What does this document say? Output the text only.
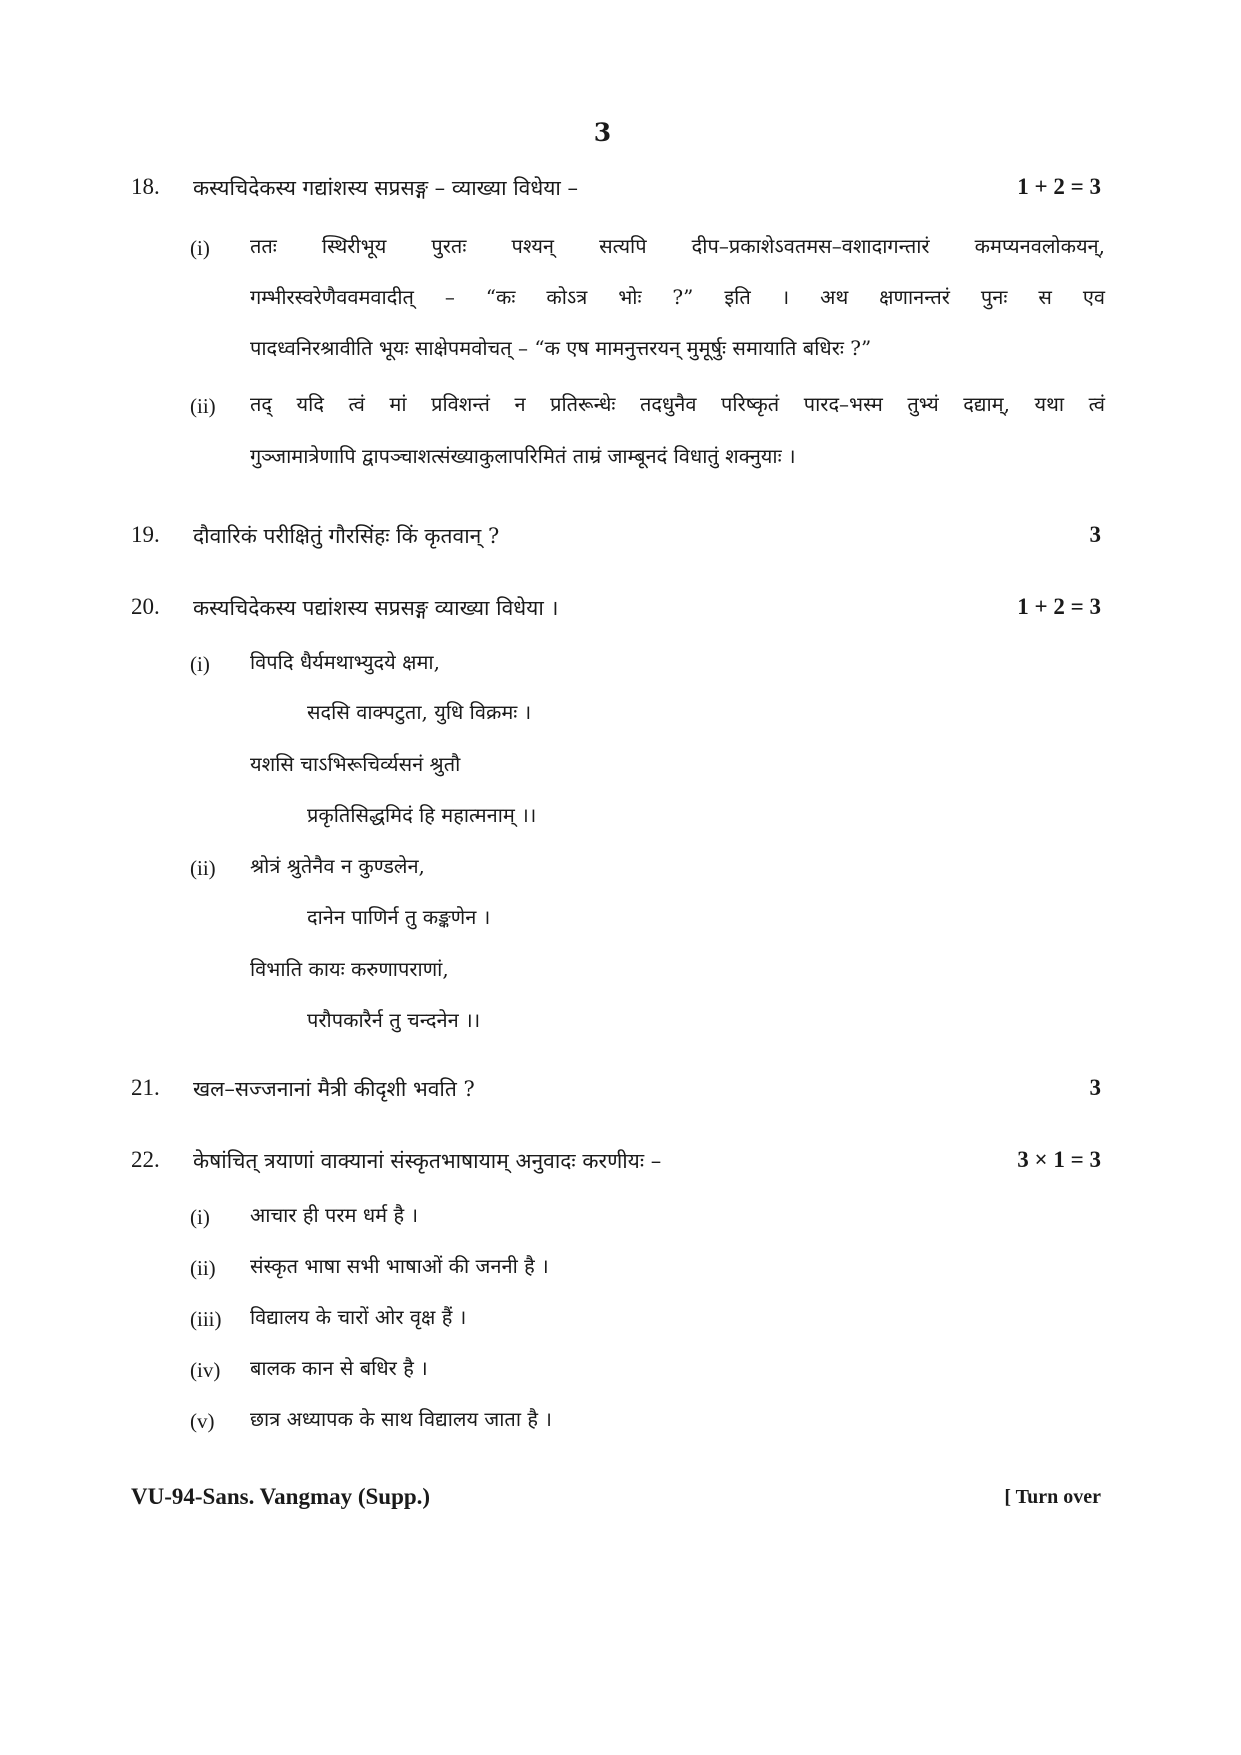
3
18. कस्यचिदेकस्य गद्यांशस्य सप्रसङ्ग – व्याख्या विधेया –	1 + 2 = 3
(i) ततः स्थिरीभूय पुरतः पश्यन् सत्यपि दीप–प्रकाशेऽवतमस–वशादागन्तारं कमप्यनवलोकयन्,
गम्भीरस्वरेणैववमवादीत् – “कः कोऽत्र भोः ?” इति । अथ क्षणानन्तरं पुनः स एव
पादध्वनिरश्रावीति भूयः साक्षेपमवोचत् – “क एष मामनुत्तरयन् मुमूर्षुः समायाति बधिरः ?”
(ii) तद् यदि त्वं मां प्रविशन्तं न प्रतिरून्धेः तदधुनैव परिष्कृतं पारद–भस्म तुभ्यं दद्याम्, यथा त्वं
गुञ्जामात्रेणापि द्वापञ्चाशत्संख्याकुलापरिमितं ताम्रं जाम्बूनदं विधातुं शक्नुयाः ।
19. दौवारिकं परीक्षितुं गौरसिंहः किं कृतवान् ?	3
20. कस्यचिदेकस्य पद्यांशस्य सप्रसङ्ग व्याख्या विधेया ।	1 + 2 = 3
(i) विपदि धैर्यमथाभ्युदये क्षमा,
सदसि वाक्पटुता, युधि विक्रमः ।
यशसि चाऽभिरूचिर्व्यसनं श्रुतौ
प्रकृतिसिद्धमिदं हि महात्मनाम् ।।
(ii) श्रोत्रं श्रुतेनैव न कुण्डलेन,
दानेन पाणिर्न तु कङ्कणेन ।
विभाति कायः करुणापराणां,
परौपकारैर्न तु चन्दनेन ।।
21. खल–सज्जनानां मैत्री कीदृशी भवति ?	3
22. केषांचित् त्रयाणां वाक्यानां संस्कृतभाषायाम् अनुवादः करणीयः –	3 × 1 = 3
(i) आचार ही परम धर्म है ।
(ii) संस्कृत भाषा सभी भाषाओं की जननी है ।
(iii) विद्यालय के चारों ओर वृक्ष हैं ।
(iv) बालक कान से बधिर है ।
(v) छात्र अध्यापक के साथ विद्यालय जाता है ।
VU-94-Sans. Vangmay (Supp.)	[ Turn over
